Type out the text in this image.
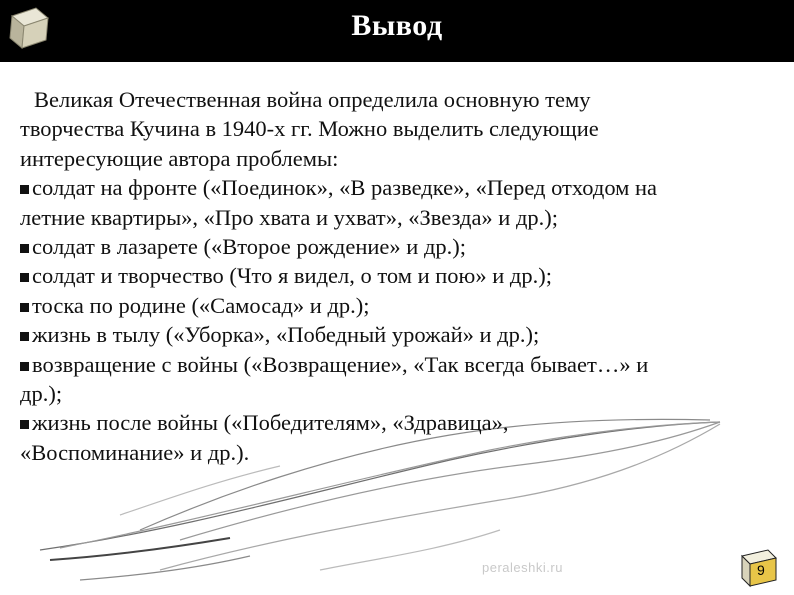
Вывод
Великая Отечественная война определила основную тему
творчества Кучина в 1940-х гг. Можно выделить следующие
интересующие автора проблемы:
солдат на фронте («Поединок», «В разведке», «Перед отходом на
летние квартиры», «Про хвата и ухват», «Звезда» и др.);
солдат в лазарете («Второе рождение» и др.);
солдат и творчество (Что я видел, о том и пою» и др.);
тоска по родине («Самосад» и др.);
жизнь в тылу («Уборка», «Победный урожай» и др.);
возвращение с войны («Возвращение», «Так всегда бывает…» и
др.);
жизнь после войны («Победителям», «Здравица»,
«Воспоминание» и др.).
peraleshki.ru	9
